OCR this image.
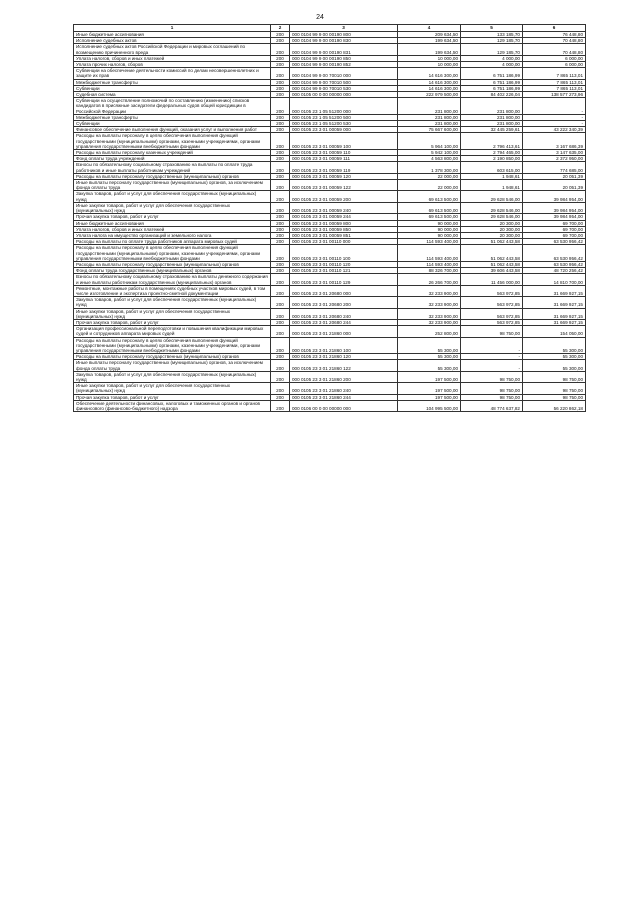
24
1	2	3	4	5	6
Иные бюджетные ассигнования	200	000 0104 99 9 00 00190 800	209 634,50	133 185,70	76 448,80
Исполнение судебных актов	200	000 0104 99 9 00 00190 830	199 634,50	129 185,70	70 448,80
Исполнение судебных актов Российской Федерации и мировых соглашений по возмещению причиненного вреда	200	000 0104 99 9 00 00190 831	199 634,50	129 185,70	70 448,80
Уплата налогов, сборов и иных платежей	200	000 0104 99 9 00 00190 850	10 000,00	4 000,00	6 000,00
Уплата прочих налогов, сборов	200	000 0104 99 9 00 00190 852	10 000,00	4 000,00	6 000,00
Субвенции на обеспечение деятельности комиссий по делам несовершеннолетних и защите их прав	200	000 0104 99 9 00 70010 000	14 616 300,00	6 751 186,99	7 865 113,01
Межбюджетные трансферты	200	000 0104 99 9 00 70010 500	14 616 300,00	6 751 186,99	7 865 113,01
Субвенции	200	000 0104 99 9 00 70010 530	14 616 300,00	6 751 186,99	7 865 113,01
Судебная система	200	000 0105 00 0 00 00000 000	222 979 500,00	84 402 226,04	138 577 273,96
Субвенции на осуществление полномочий по составлению (изменению) списков кандидатов в присяжные заседатели федеральных судов общей юрисдикции в Российской Федерации	200	000 0105 23 1 05 51200 000	231 800,00	231 800,00	-
Межбюджетные трансферты	200	000 0105 23 1 05 51200 500	231 800,00	231 800,00	-
Субвенции	200	000 0105 23 1 05 51200 530	231 800,00	231 800,00	-
Финансовое обеспечение выполнения функций, оказания услуг и выполнения работ	200	000 0105 23 3 01 00059 000	75 667 600,00	32 445 259,61	43 222 340,39
Расходы на выплаты персоналу в целях обеспечения выполнения функций государственными (муниципальными) органами, казенными учреждениями, органами управления государственными внебюджетными фондами	200	000 0105 23 3 01 00059 100	5 964 100,00	2 796 413,61	3 167 686,39
Расходы на выплаты персоналу казенных учреждений	200	000 0105 23 3 01 00059 110	5 942 100,00	2 794 465,00	3 147 635,00
Фонд оплаты труда учреждений	200	000 0105 23 3 01 00059 111	4 563 800,00	2 190 850,00	2 372 950,00
Взносы по обязательному социальному страхованию на выплаты по оплате труда работников и иные выплаты работникам учреждений	200	000 0105 23 3 01 00059 119	1 378 300,00	603 615,00	774 685,00
Расходы на выплаты персоналу государственных (муниципальных) органов	200	000 0105 23 3 01 00059 120	22 000,00	1 948,61	20 051,39
Иные выплаты персоналу государственных (муниципальных) органов, за исключением фонда оплаты труда	200	000 0105 23 3 01 00059 122	22 000,00	1 948,61	20 051,39
Закупка товаров, работ и услуг для обеспечения государственных (муниципальных) нужд	200	000 0105 23 3 01 00059 200	69 613 500,00	29 628 546,00	39 984 954,00
Иные закупки товаров, работ и услуг для обеспечения государственных (муниципальных) нужд	200	000 0105 23 3 01 00059 240	69 613 500,00	29 628 546,00	39 984 954,00
Прочая закупка товаров, работ и услуг	200	000 0105 23 3 01 00059 244	69 613 500,00	29 628 546,00	39 984 954,00
Иные бюджетные ассигнования	200	000 0105 23 3 01 00059 800	90 000,00	20 300,00	69 700,00
Уплата налогов, сборов и иных платежей	200	000 0105 23 3 01 00059 850	90 000,00	20 300,00	69 700,00
Уплата налога на имущество организаций и земельного налога	200	000 0105 23 3 01 00059 851	90 000,00	20 300,00	69 700,00
Расходы на выплаты по оплате труда работников аппарата мировых судей	200	000 0105 23 3 01 00110 000	114 593 400,00	51 062 443,58	63 530 956,42
Расходы на выплаты персоналу в целях обеспечения выполнения функций государственными (муниципальными) органами, казенными учреждениями, органами управления государственными внебюджетными фондами	200	000 0105 23 3 01 00110 100	114 593 400,00	51 062 443,58	63 530 956,42
Расходы на выплаты персоналу государственных (муниципальных) органов	200	000 0105 23 3 01 00110 120	114 593 400,00	51 062 443,58	63 530 956,42
Фонд оплаты труда государственных (муниципальных) органов	200	000 0105 23 3 01 00110 121	88 326 700,00	39 606 443,58	48 720 256,42
Взносы по обязательному социальному страхованию на выплаты денежного содержания и иные выплаты работникам государственных (муниципальных) органов	200	000 0105 23 3 01 00110 129	26 266 700,00	11 456 000,00	14 810 700,00
Ремонтные, монтажные работы в помещениях судебных участков мировых судей, в том числе изготовление и экспертиза проектно-сметной документации	200	000 0105 23 3 01 20680 000	32 233 900,00	563 972,85	31 669 927,15
Закупка товаров, работ и услуг для обеспечения государственных (муниципальных) нужд	200	000 0105 23 3 01 20680 200	32 233 900,00	563 972,85	31 669 927,15
Иные закупки товаров, работ и услуг для обеспечения государственных (муниципальных) нужд	200	000 0105 23 3 01 20680 240	32 233 900,00	563 972,85	31 669 927,15
Прочая закупка товаров, работ и услуг	200	000 0105 23 3 01 20680 244	32 233 900,00	563 972,85	31 669 927,15
Организация профессиональной переподготовки и повышения квалификации мировых судей и сотрудников аппарата мировых судей	200	000 0105 23 3 01 21860 000	252 800,00	98 750,00	154 050,00
Расходы на выплаты персоналу в целях обеспечения выполнения функций государственными (муниципальными) органами, казенными учреждениями, органами управления государственными внебюджетными фондами	200	000 0105 23 3 01 21860 100	55 300,00	-	55 300,00
Расходы на выплаты персоналу государственных (муниципальных) органов	200	000 0105 23 3 01 21860 120	55 300,00	-	55 300,00
Иные выплаты персоналу государственных (муниципальных) органов, за исключением фонда оплаты труда	200	000 0105 23 3 01 21860 122	55 300,00	-	55 300,00
Закупка товаров, работ и услуг для обеспечения государственных (муниципальных) нужд	200	000 0105 23 3 01 21860 200	197 500,00	98 750,00	98 750,00
Иные закупки товаров, работ и услуг для обеспечения государственных (муниципальных) нужд	200	000 0105 23 3 01 21860 240	197 500,00	98 750,00	98 750,00
Прочая закупка товаров, работ и услуг	200	000 0105 23 3 01 21860 244	197 500,00	98 750,00	98 750,00
Обеспечение деятельности финансовых, налоговых и таможенных органов и органов финансового (финансово-бюджетного) надзора	200	000 0106 00 0 00 00000 000	104 995 500,00	48 774 637,82	56 220 862,18
